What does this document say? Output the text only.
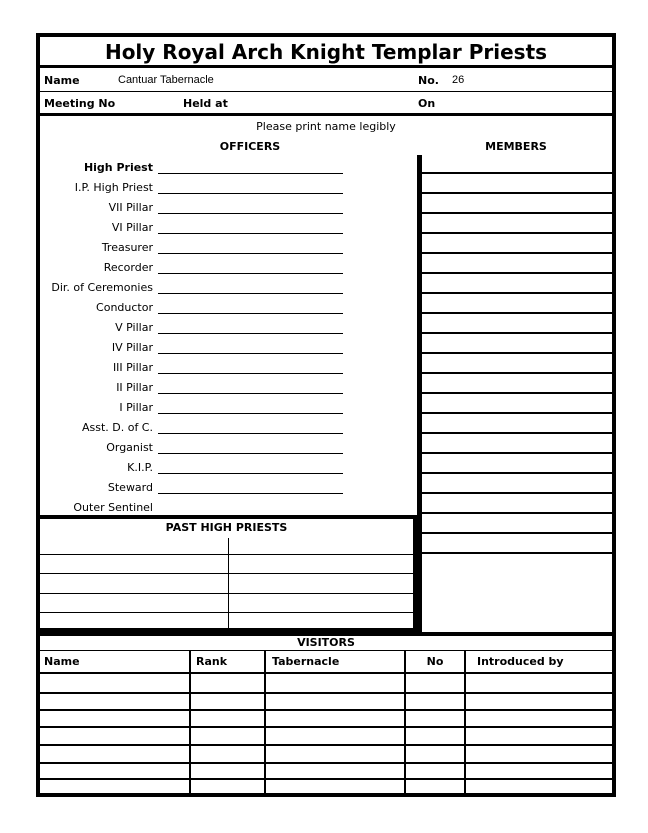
Holy Royal Arch Knight Templar Priests
Name	Cantuar Tabernacle	No. 26
Meeting No	Held at	On
Please print name legibly
OFFICERS	MEMBERS
High Priest
I.P. High Priest
VII Pillar
VI Pillar
Treasurer
Recorder
Dir. of Ceremonies
Conductor
V Pillar
IV Pillar
III Pillar
II Pillar
I Pillar
Asst. D. of C.
Organist
K.I.P.
Steward
Outer Sentinel
PAST HIGH PRIESTS
VISITORS
Name	Rank	Tabernacle	No	Introduced by
